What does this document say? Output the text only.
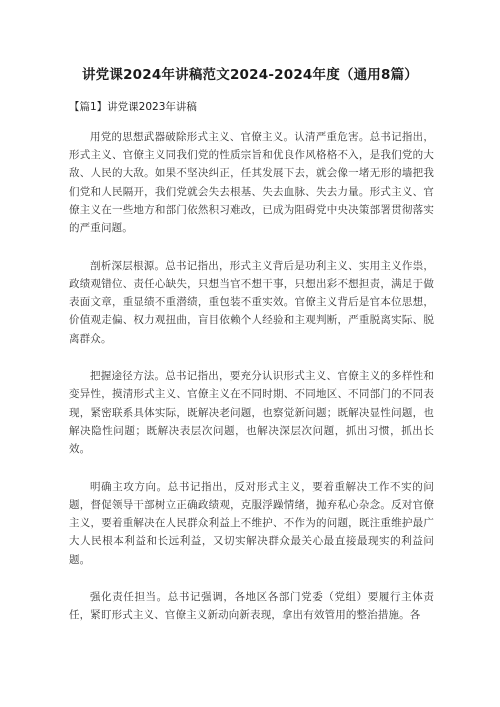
讲党课2024年讲稿范文2024-2024年度（通用8篇）
【篇1】讲党课2023年讲稿

用党的思想武器破除形式主义、官僚主义。认清严重危害。总书记指出，形式主义、官僚主义同我们党的性质宗旨和优良作风格格不入，是我们党的大敌、人民的大敌。如果不坚决纠正，任其发展下去，就会像一堵无形的墙把我们党和人民隔开，我们党就会失去根基、失去血脉、失去力量。形式主义、官僚主义在一些地方和部门依然积习难改，已成为阻碍党中央决策部署贯彻落实的严重问题。

剖析深层根源。总书记指出，形式主义背后是功利主义、实用主义作祟，政绩观错位、责任心缺失，只想当官不想干事，只想出彩不想担责，满足于做表面文章，重显绩不重潜绩，重包装不重实效。官僚主义背后是官本位思想，价值观走偏、权力观扭曲，盲目依赖个人经验和主观判断，严重脱离实际、脱离群众。

把握途径方法。总书记指出，要充分认识形式主义、官僚主义的多样性和变异性，摸清形式主义、官僚主义在不同时期、不同地区、不同部门的不同表现，紧密联系具体实际，既解决老问题，也察觉新问题；既解决显性问题，也解决隐性问题；既解决表层次问题，也解决深层次问题，抓出习惯，抓出长效。

明确主攻方向。总书记指出，反对形式主义，要着重解决工作不实的问题，督促领导干部树立正确政绩观，克服浮躁情绪，抛弃私心杂念。反对官僚主义，要着重解决在人民群众利益上不维护、不作为的问题，既注重维护最广大人民根本利益和长远利益，又切实解决群众最关心最直接最现实的利益问题。

强化责任担当。总书记强调，各地区各部门党委（党组）要履行主体责任，紧盯形式主义、官僚主义新动向新表现，拿出有效管用的整治措施。各
